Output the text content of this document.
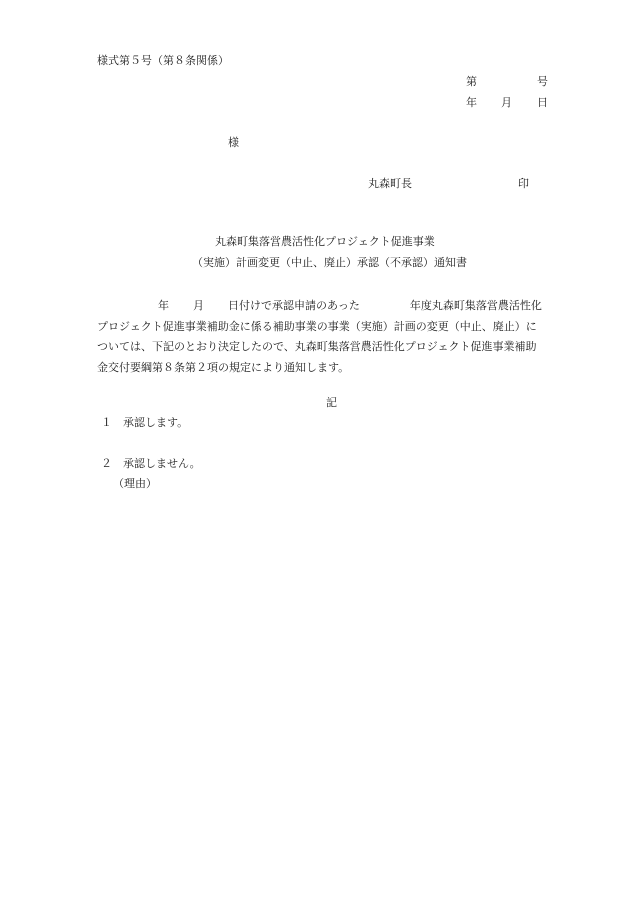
様式第５号（第８条関係）
第	号
年 月 日
様
丸森町長	印
丸森町集落営農活性化プロジェクト促進事業
（実施）計画変更（中止、廃止）承認（不承認）通知書
年 月 日付けで承認申請のあった	年度丸森町集落営農活性化
プロジェクト促進事業補助金に係る補助事業の事業（実施）計画の変更（中止、廃止）に
ついては、下記のとおり決定したので、丸森町集落営農活性化プロジェクト促進事業補助
金交付要綱第８条第２項の規定により通知します。
記
１ 承認します。
２ 承認しません。
（理由）
